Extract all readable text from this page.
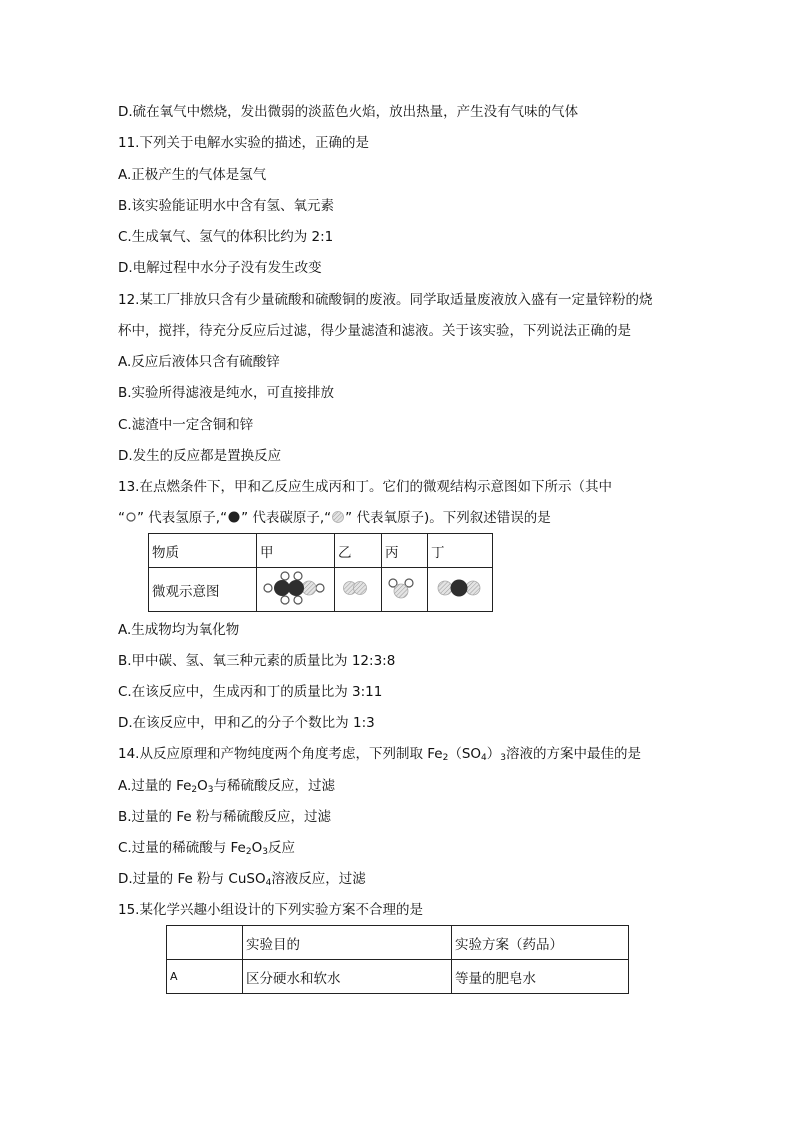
D.硫在氧气中燃烧，发出微弱的淡蓝色火焰，放出热量，产生没有气味的气体
11.下列关于电解水实验的描述，正确的是
A.正极产生的气体是氢气
B.该实验能证明水中含有氢、氧元素
C.生成氧气、氢气的体积比约为 2:1
D.电解过程中水分子没有发生改变
12.某工厂排放只含有少量硫酸和硫酸铜的废液。同学取适量废液放入盛有一定量锌粉的烧
杯中，搅拌，待充分反应后过滤，得少量滤渣和滤液。关于该实验，下列说法正确的是
A.反应后液体只含有硫酸锌
B.实验所得滤液是纯水，可直接排放
C.滤渣中一定含铜和锌
D.发生的反应都是置换反应
13.在点燃条件下，甲和乙反应生成丙和丁。它们的微观结构示意图如下所示（其中
“ ” 代表氢原子,“ ” 代表碳原子,“ ” 代表氧原子)。下列叙述错误的是
物质	甲	乙	丙	丁
微观示意图				
A.生成物均为氧化物
B.甲中碳、氢、氧三种元素的质量比为 12:3:8
C.在该反应中，生成丙和丁的质量比为 3:11
D.在该反应中，甲和乙的分子个数比为 1:3
14.从反应原理和产物纯度两个角度考虑，下列制取 $Fe_2(SO_4)_3$溶液的方案中最佳的是
A.过量的 $Fe_2O_3$与稀硫酸反应，过滤
B.过量的 Fe 粉与稀硫酸反应，过滤
C.过量的稀硫酸与 $Fe_2O_3$反应
D.过量的 Fe 粉与 CuSO$_4$溶液反应，过滤
15.某化学兴趣小组设计的下列实验方案不合理的是
	实验目的	实验方案（药品）
A	区分硬水和软水	等量的肥皂水
